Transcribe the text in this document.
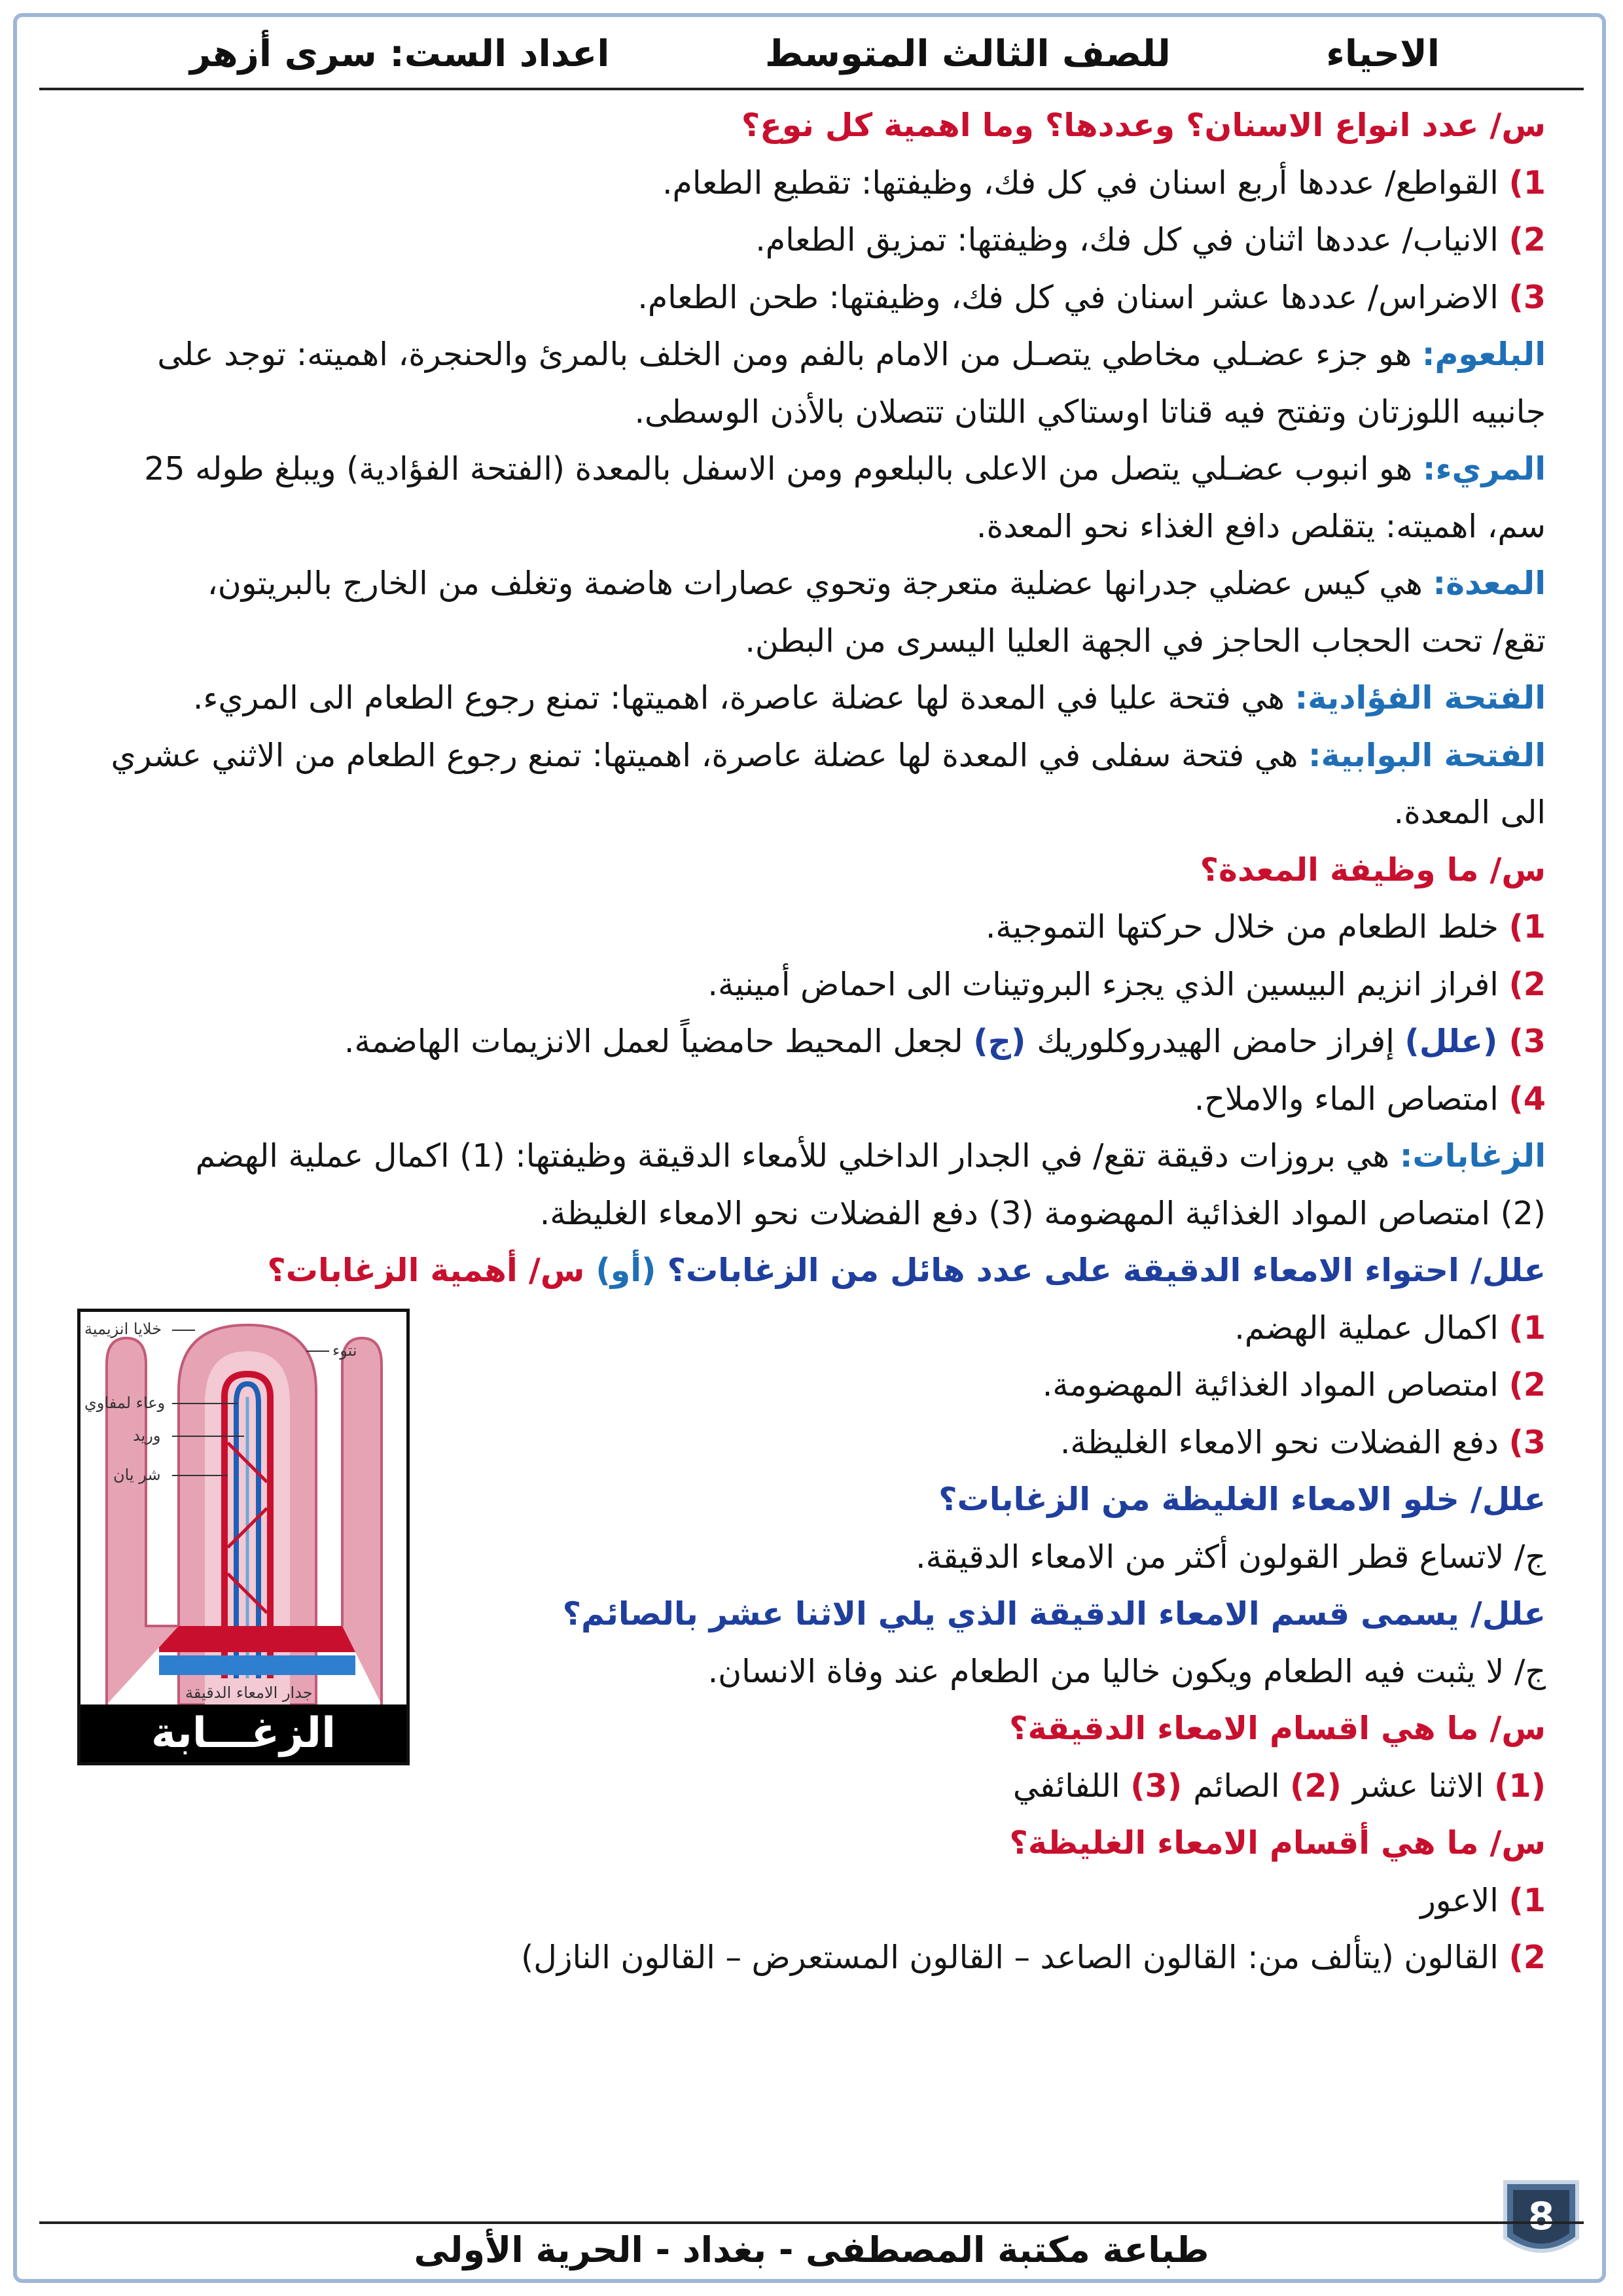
الاحياء
للصف الثالث المتوسط
اعداد الست: سرى أزهر
س/ عدد انواع الاسنان؟ وعددها؟ وما اهمية كل نوع؟
1) القواطع/ عددها أربع اسنان في كل فك، وظيفتها: تقطيع الطعام.
2) الانياب/ عددها اثنان في كل فك، وظيفتها: تمزيق الطعام.
3) الاضراس/ عددها عشر اسنان في كل فك، وظيفتها: طحن الطعام.
البلعوم: هو جزء عضـلي مخاطي يتصـل من الامام بالفم ومن الخلف بالمرئ والحنجرة، اهميته: توجد على
جانبيه اللوزتان وتفتح فيه قناتا اوستاكي اللتان تتصلان بالأذن الوسطى.
المريء: هو انبوب عضـلي يتصل من الاعلى بالبلعوم ومن الاسفل بالمعدة (الفتحة الفؤادية) ويبلغ طوله 25
سم، اهميته: يتقلص دافع الغذاء نحو المعدة.
المعدة: هي كيس عضلي جدرانها عضلية متعرجة وتحوي عصارات هاضمة وتغلف من الخارج بالبريتون،
تقع/ تحت الحجاب الحاجز في الجهة العليا اليسرى من البطن.
الفتحة الفؤادية: هي فتحة عليا في المعدة لها عضلة عاصرة، اهميتها: تمنع رجوع الطعام الى المريء.
الفتحة البوابية: هي فتحة سفلى في المعدة لها عضلة عاصرة، اهميتها: تمنع رجوع الطعام من الاثني عشري
الى المعدة.
س/ ما وظيفة المعدة؟
1) خلط الطعام من خلال حركتها التموجية.
2) افراز انزيم البيسين الذي يجزء البروتينات الى احماض أمينية.
3) (علل) إفراز حامض الهيدروكلوريك (ج) لجعل المحيط حامضياً لعمل الانزيمات الهاضمة.
4) امتصاص الماء والاملاح.
الزغابات: هي بروزات دقيقة تقع/ في الجدار الداخلي للأمعاء الدقيقة وظيفتها: (1) اكمال عملية الهضم
(2) امتصاص المواد الغذائية المهضومة (3) دفع الفضلات نحو الامعاء الغليظة.
علل/ احتواء الامعاء الدقيقة على عدد هائل من الزغابات؟ (أو) س/ أهمية الزغابات؟
1) اكمال عملية الهضم.
2) امتصاص المواد الغذائية المهضومة.
3) دفع الفضلات نحو الامعاء الغليظة.
علل/ خلو الامعاء الغليظة من الزغابات؟
ج/ لاتساع قطر القولون أكثر من الامعاء الدقيقة.
علل/ يسمى قسم الامعاء الدقيقة الذي يلي الاثنا عشر بالصائم؟
ج/ لا يثبت فيه الطعام ويكون خاليا من الطعام عند وفاة الانسان.
س/ ما هي اقسام الامعاء الدقيقة؟
(1) الاثنا عشر (2) الصائم (3) اللفائفي
س/ ما هي أقسام الامعاء الغليظة؟
1) الاعور
2) القالون (يتألف من: القالون الصاعد – القالون المستعرض – القالون النازل)
خلايا انزيمية
نتوء
وعاء لمفاوي
وريد
شر يان
جدار الامعاء الدقيقة
الزغـــابة
8
طباعة مكتبة المصطفى - بغداد - الحرية الأولى
